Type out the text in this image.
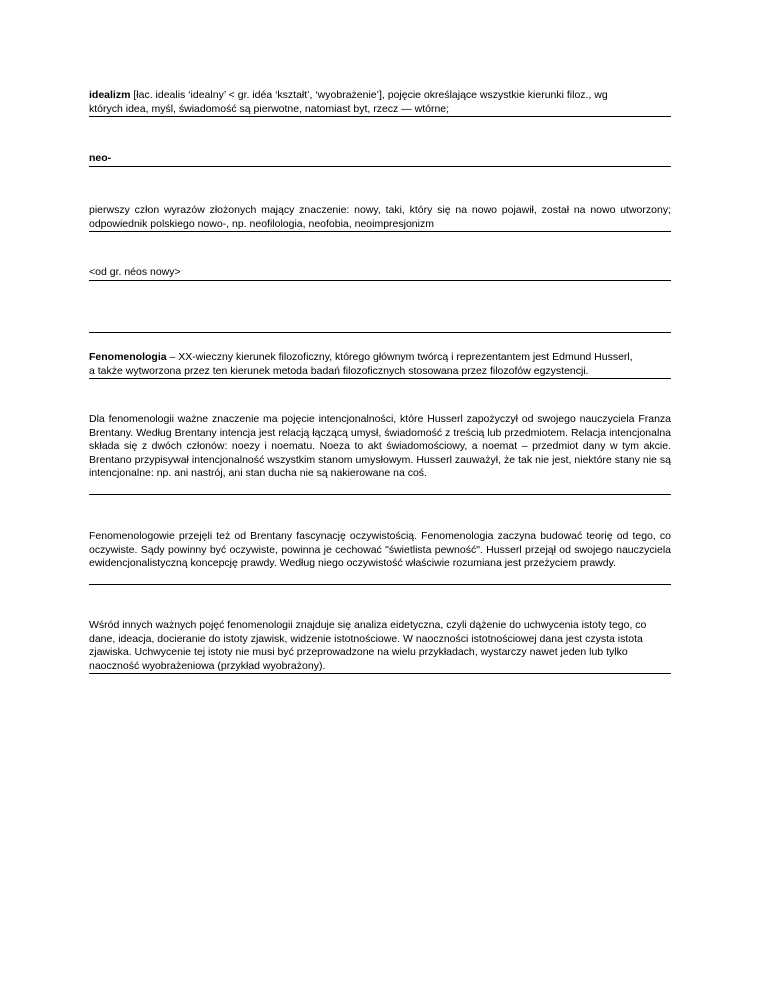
idealizm [łac. idealis ‘idealny’ < gr. idéa ‘kształt’, ‘wyobrażenie’], pojęcie określające wszystkie kierunki filoz., wg
których idea, myśl, świadomość są pierwotne, natomiast byt, rzecz — wtórne;
neo-
pierwszy człon wyrazów złożonych mający znaczenie: nowy, taki, który się na nowo pojawił, został na nowo utworzony; odpowiednik polskiego nowo-, np. neofilologia, neofobia, neoimpresjonizm
<od gr. néos nowy>
Fenomenologia – XX-wieczny kierunek filozoficzny, którego głównym twórcą i reprezentantem jest Edmund Husserl,
a także wytworzona przez ten kierunek metoda badań filozoficznych stosowana przez filozofów egzystencji.
Dla fenomenologii ważne znaczenie ma pojęcie intencjonalności, które Husserl zapożyczył od swojego nauczyciela Franza Brentany. Według Brentany intencja jest relacją łączącą umysł, świadomość z treścią lub przedmiotem. Relacja intencjonalna składa się z dwóch członów: noezy i noematu. Noeza to akt świadomościowy, a noemat – przedmiot dany w tym akcie. Brentano przypisywał intencjonalność wszystkim stanom umysłowym. Husserl zauważył, że tak nie jest, niektóre stany nie są intencjonalne: np. ani nastrój, ani stan ducha nie są nakierowane na coś.
Fenomenologowie przejęli też od Brentany fascynację oczywistością. Fenomenologia zaczyna budować teorię od tego, co oczywiste. Sądy powinny być oczywiste, powinna je cechować "świetlista pewność". Husserl przejął od swojego nauczyciela ewidencjonalistyczną koncepcję prawdy. Według niego oczywistość właściwie rozumiana jest przeżyciem prawdy.
Wśród innych ważnych pojęć fenomenologii znajduje się analiza eidetyczna, czyli dążenie do uchwycenia istoty tego, co dane, ideacja, docieranie do istoty zjawisk, widzenie istotnościowe. W naoczności istotnościowej dana jest czysta istota zjawiska. Uchwycenie tej istoty nie musi być przeprowadzone na wielu przykładach, wystarczy nawet jeden lub tylko naoczność wyobrażeniowa (przykład wyobrażony).
